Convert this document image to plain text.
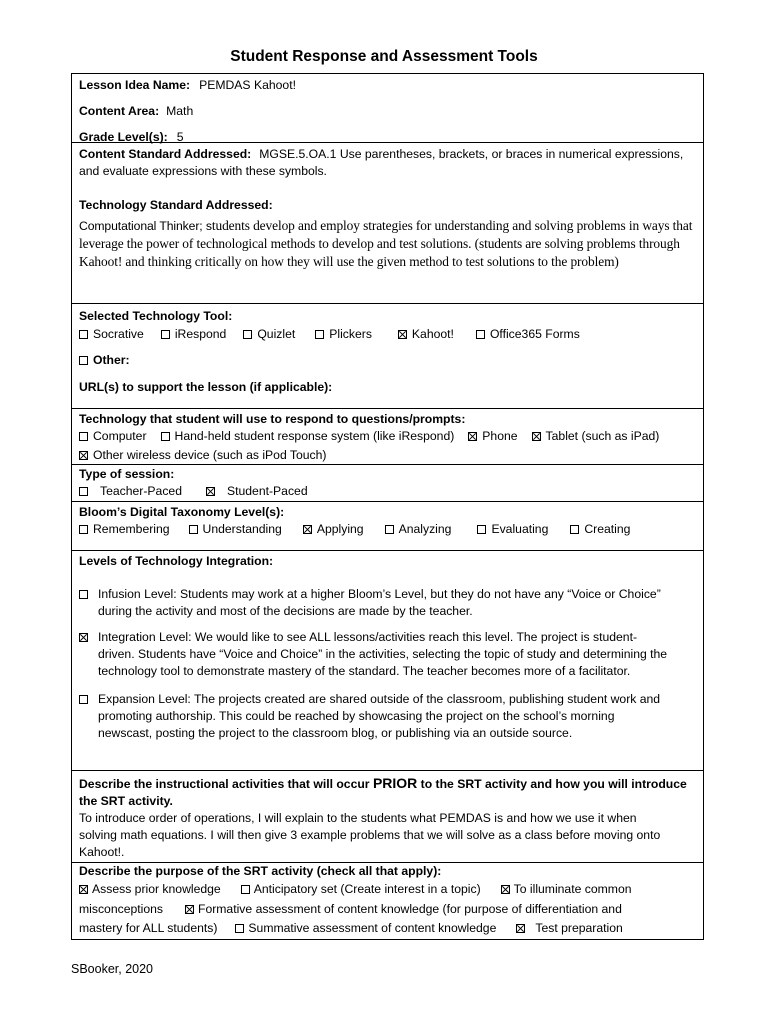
Student Response and Assessment Tools
Lesson Idea Name: PEMDAS Kahoot!
Content Area: Math
Grade Level(s): 5
Content Standard Addressed: MGSE.5.OA.1 Use parentheses, brackets, or braces in numerical expressions,
and evaluate expressions with these symbols.
Technology Standard Addressed:
Computational Thinker; students develop and employ strategies for understanding and solving problems in ways that leverage the power of technological methods to develop and test solutions. (students are solving problems through Kahoot! and thinking critically on how they will use the given method to test solutions to the problem)
Selected Technology Tool:
Socrative	iRespond	Quizlet	Plickers	Kahoot!	Office365 Forms
Other:
URL(s) to support the lesson (if applicable):
Technology that student will use to respond to questions/prompts:
Computer Hand-held student response system (like iRespond) Phone Tablet (such as iPad)
Other wireless device (such as iPod Touch)
Type of session:
Teacher-Paced	Student-Paced
Bloom’s Digital Taxonomy Level(s):
Remembering	Understanding	Applying	Analyzing	Evaluating	Creating
Levels of Technology Integration:
Infusion Level: Students may work at a higher Bloom’s Level, but they do not have any “Voice or Choice”
during the activity and most of the decisions are made by the teacher.
Integration Level: We would like to see ALL lessons/activities reach this level. The project is student-
driven. Students have “Voice and Choice” in the activities, selecting the topic of study and determining the
technology tool to demonstrate mastery of the standard. The teacher becomes more of a facilitator.
Expansion Level: The projects created are shared outside of the classroom, publishing student work and
promoting authorship. This could be reached by showcasing the project on the school’s morning
newscast, posting the project to the classroom blog, or publishing via an outside source.
Describe the instructional activities that will occur PRIOR to the SRT activity and how you will introduce
the SRT activity.
To introduce order of operations, I will explain to the students what PEMDAS is and how we use it when
solving math equations. I will then give 3 example problems that we will solve as a class before moving onto
Kahoot!.
Describe the purpose of the SRT activity (check all that apply):
Assess prior knowledge	Anticipatory set (Create interest in a topic)	To illuminate common
misconceptions	Formative assessment of content knowledge (for purpose of differentiation and
mastery for ALL students)	Summative assessment of content knowledge	Test preparation
SBooker, 2020
